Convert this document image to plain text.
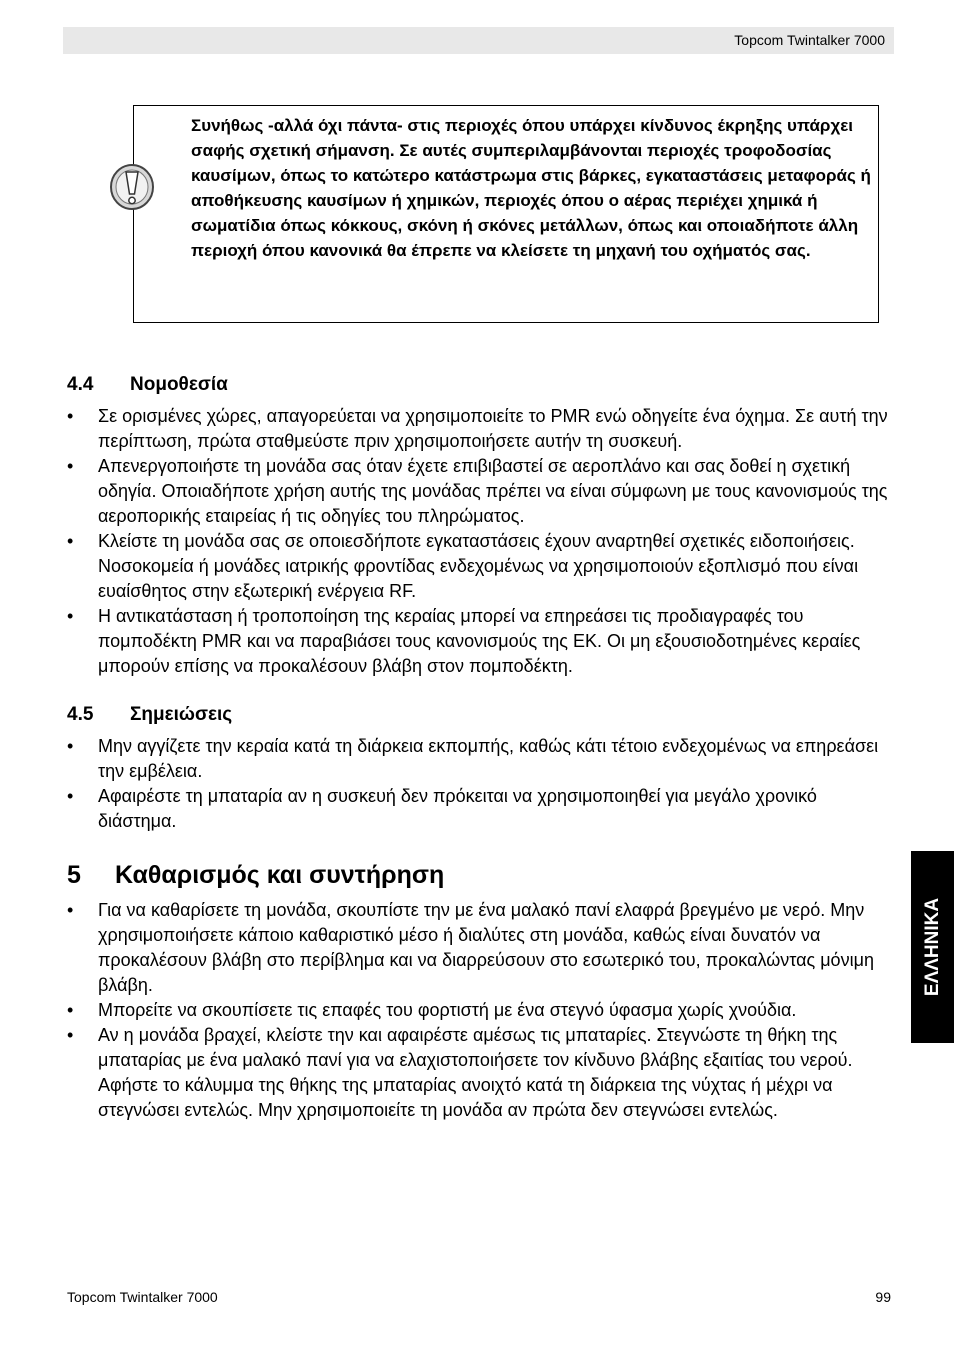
Topcom Twintalker 7000

Συνήθως -αλλά όχι πάντα- στις περιοχές όπου υπάρχει κίνδυνος έκρηξης υπάρχει σαφής σχετική σήμανση. Σε αυτές συμπεριλαμβάνονται περιοχές τροφοδοσίας καυσίμων, όπως το κατώτερο κατάστρωμα στις βάρκες, εγκαταστάσεις μεταφοράς ή αποθήκευσης καυσίμων ή χημικών, περιοχές όπου ο αέρας περιέχει χημικά ή σωματίδια όπως κόκκους, σκόνη ή σκόνες μετάλλων, όπως και οποιαδήποτε άλλη περιοχή όπου κανονικά θα έπρεπε να κλείσετε τη μηχανή του οχήματός σας.

4.4 Νομοθεσία
• Σε ορισμένες χώρες, απαγορεύεται να χρησιμοποιείτε το PMR ενώ οδηγείτε ένα όχημα. Σε αυτή την περίπτωση, πρώτα σταθμεύστε πριν χρησιμοποιήσετε αυτήν τη συσκευή.
• Απενεργοποιήστε τη μονάδα σας όταν έχετε επιβιβαστεί σε αεροπλάνο και σας δοθεί η σχετική οδηγία. Οποιαδήποτε χρήση αυτής της μονάδας πρέπει να είναι σύμφωνη με τους κανονισμούς της αεροπορικής εταιρείας ή τις οδηγίες του πληρώματος.
• Κλείστε τη μονάδα σας σε οποιεσδήποτε εγκαταστάσεις έχουν αναρτηθεί σχετικές ειδοποιήσεις. Νοσοκομεία ή μονάδες ιατρικής φροντίδας ενδεχομένως να χρησιμοποιούν εξοπλισμό που είναι ευαίσθητος στην εξωτερική ενέργεια RF.
• Η αντικατάσταση ή τροποποίηση της κεραίας μπορεί να επηρεάσει τις προδιαγραφές του πομποδέκτη PMR και να παραβιάσει τους κανονισμούς της ΕΚ. Οι μη εξουσιοδοτημένες κεραίες μπορούν επίσης να προκαλέσουν βλάβη στον πομποδέκτη.
4.5 Σημειώσεις
• Μην αγγίζετε την κεραία κατά τη διάρκεια εκπομπής, καθώς κάτι τέτοιο ενδεχομένως να επηρεάσει την εμβέλεια.
• Αφαιρέστε τη μπαταρία αν η συσκευή δεν πρόκειται να χρησιμοποιηθεί για μεγάλο χρονικό διάστημα.
5 Καθαρισμός και συντήρηση
• Για να καθαρίσετε τη μονάδα, σκουπίστε την με ένα μαλακό πανί ελαφρά βρεγμένο με νερό. Μην χρησιμοποιήσετε κάποιο καθαριστικό μέσο ή διαλύτες στη μονάδα, καθώς είναι δυνατόν να προκαλέσουν βλάβη στο περίβλημα και να διαρρεύσουν στο εσωτερικό του, προκαλώντας μόνιμη βλάβη.
• Μπορείτε να σκουπίσετε τις επαφές του φορτιστή με ένα στεγνό ύφασμα χωρίς χνούδια.
• Αν η μονάδα βραχεί, κλείστε την και αφαιρέστε αμέσως τις μπαταρίες. Στεγνώστε τη θήκη της μπαταρίας με ένα μαλακό πανί για να ελαχιστοποιήσετε τον κίνδυνο βλάβης εξαιτίας του νερού. Αφήστε το κάλυμμα της θήκης της μπαταρίας ανοιχτό κατά τη διάρκεια της νύχτας ή μέχρι να στεγνώσει εντελώς. Μην χρησιμοποιείτε τη μονάδα αν πρώτα δεν στεγνώσει εντελώς.
ΕΛΛΗΝΙΚΑ
Topcom Twintalker 7000	99
